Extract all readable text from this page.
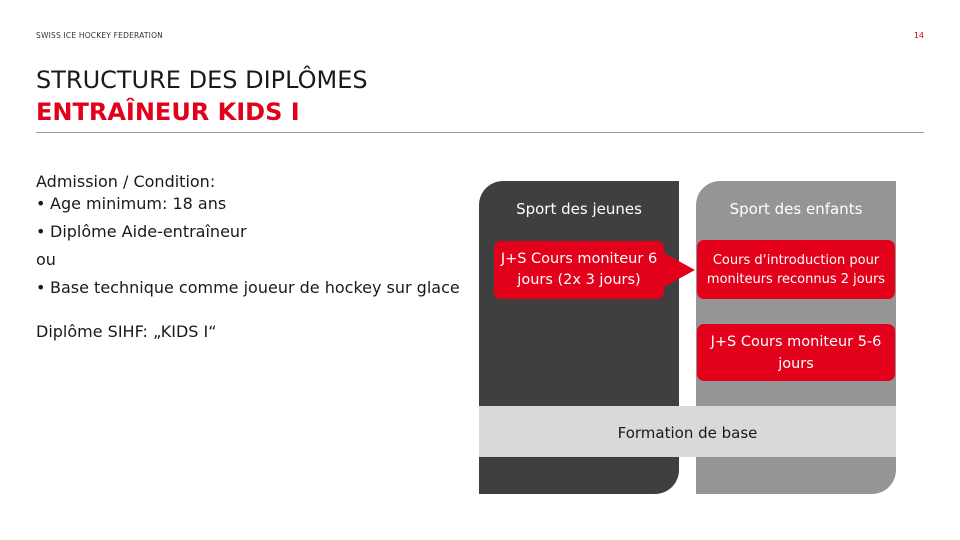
SWISS ICE HOCKEY FEDERATION	14
STRUCTURE DES DIPLÔMES
ENTRAÎNEUR KIDS I
Admission / Condition:
• Age minimum: 18 ans
• Diplôme Aide-entraîneur
ou
• Base technique comme joueur de hockey sur glace
Diplôme SIHF: „KIDS I“
Formation de base
Sport des jeunes	Sport des enfants
J+S Cours moniteur 6 jours (2x 3 jours)
Cours d‘introduction pour moniteurs reconnus 2 jours
J+S Cours moniteur 5-6 jours
